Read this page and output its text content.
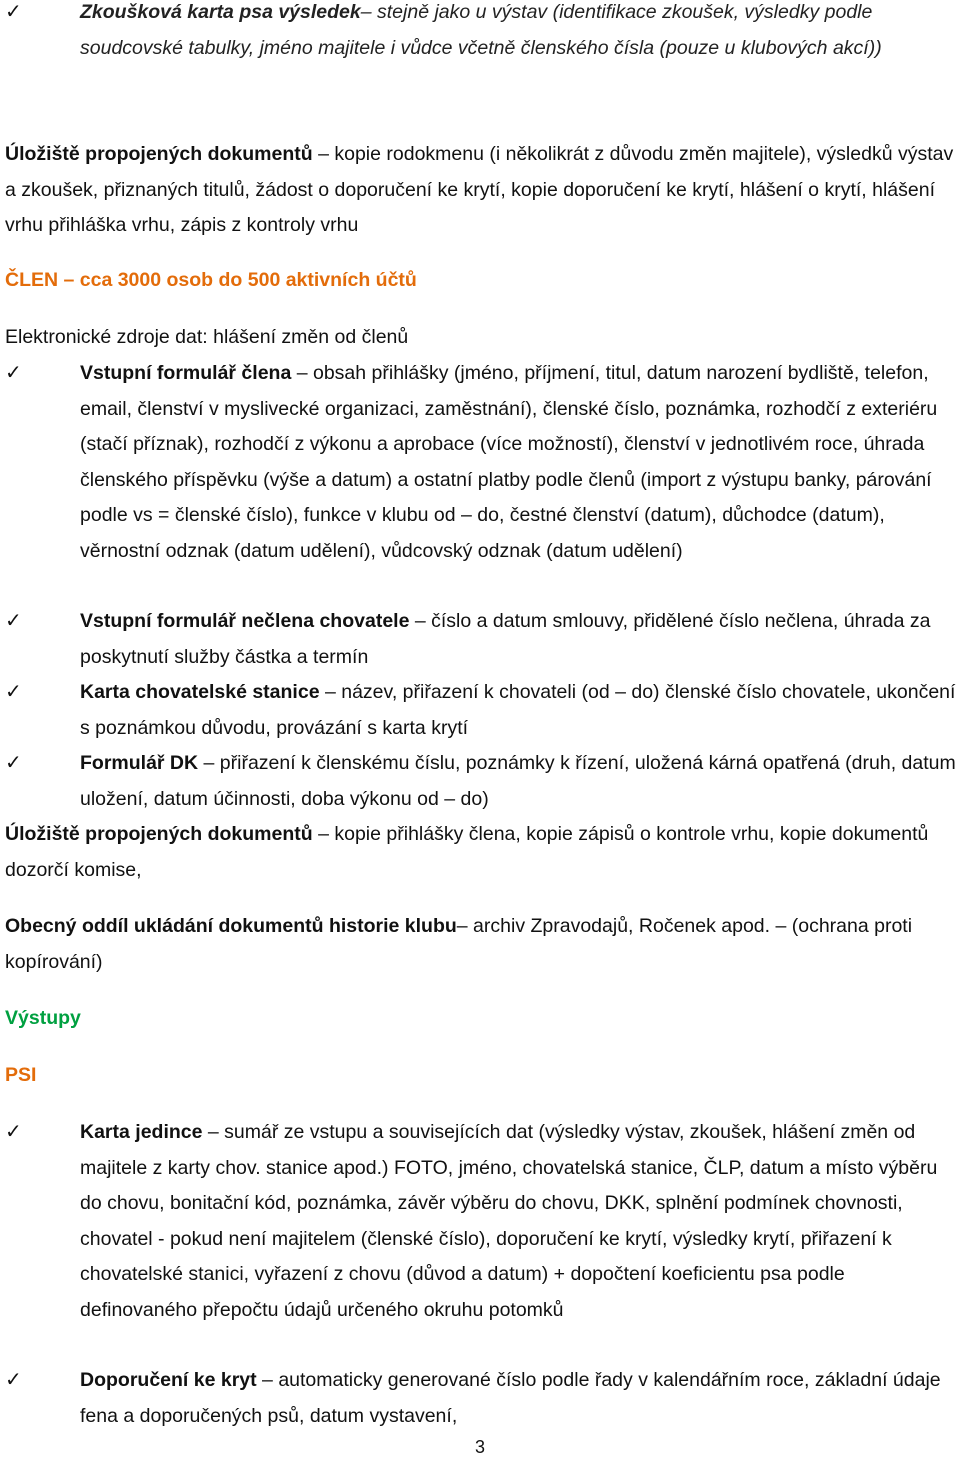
✓	Zkoušková karta psa výsledek– stejně jako u výstav (identifikace zkoušek, výsledky podle soudcovské tabulky, jméno majitele i vůdce včetně členského čísla (pouze u klubových akcí))

Úložiště propojených dokumentů – kopie rodokmenu (i několikrát z důvodu změn majitele), výsledků výstav a zkoušek, přiznaných titulů, žádost o doporučení ke krytí, kopie doporučení ke krytí, hlášení o krytí, hlášení vrhu přihláška vrhu, zápis z kontroly vrhu

ČLEN – cca 3000 osob do 500 aktivních účtů

Elektronické zdroje dat: hlášení změn od členů

✓	Vstupní formulář člena – obsah přihlášky (jméno, příjmení, titul, datum narození bydliště, telefon, email, členství v myslivecké organizaci, zaměstnání), členské číslo, poznámka, rozhodčí z exteriéru (stačí příznak), rozhodčí z výkonu a aprobace (více možností), členství v jednotlivém roce, úhrada členského příspěvku (výše a datum) a ostatní platby podle členů (import z výstupu banky, párování podle vs = členské číslo), funkce v klubu od – do, čestné členství (datum), důchodce (datum), věrnostní odznak (datum udělení), vůdcovský odznak (datum udělení)
✓	Vstupní formulář nečlena chovatele – číslo a datum smlouvy, přidělené číslo nečlena, úhrada za poskytnutí služby částka a termín
✓	Karta chovatelské stanice – název, přiřazení k chovateli (od – do) členské číslo chovatele, ukončení s poznámkou důvodu, provázání s karta krytí
✓	Formulář DK – přiřazení k členskému číslu, poznámky k řízení, uložená kárná opatřená (druh, datum uložení, datum účinnosti, doba výkonu od – do)

Úložiště propojených dokumentů – kopie přihlášky člena, kopie zápisů o kontrole vrhu, kopie dokumentů dozorčí komise,

Obecný oddíl ukládání dokumentů historie klubu– archiv Zpravodajů, Ročenek apod. – (ochrana proti kopírování)

Výstupy

PSI

✓	Karta jedince – sumář ze vstupu a souvisejících dat (výsledky výstav, zkoušek, hlášení změn od majitele z karty chov. stanice apod.) FOTO, jméno, chovatelská stanice, ČLP, datum a místo výběru do chovu, bonitační kód, poznámka, závěr výběru do chovu, DKK, splnění podmínek chovnosti, chovatel - pokud není majitelem (členské číslo), doporučení ke krytí, výsledky krytí, přiřazení k chovatelské stanici, vyřazení z chovu (důvod a datum) + dopočtení koeficientu psa podle definovaného přepočtu údajů určeného okruhu potomků
✓	Doporučení ke kryt – automaticky generované číslo podle řady v kalendářním roce, základní údaje fena a doporučených psů, datum vystavení,
3
